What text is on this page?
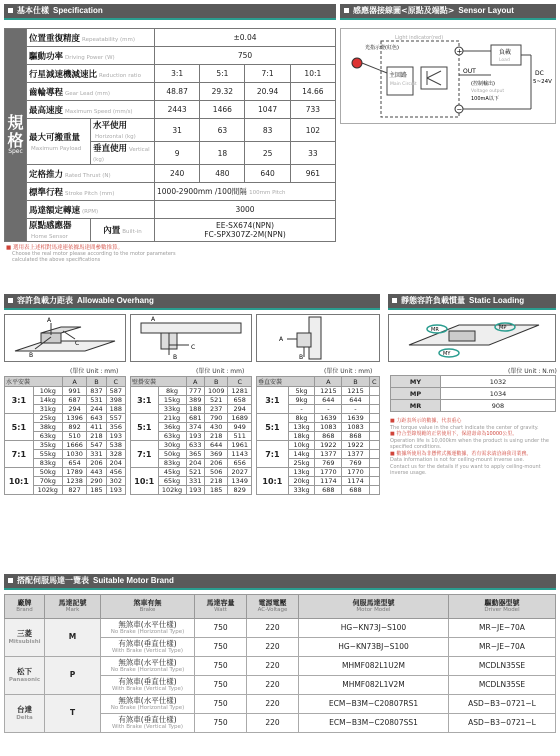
基本仕樣 Specification
規格
Spec	位置重復精度 Repeatability (mm)		±0.04			
	驅動功率 Driving Power (W)		750			
	行星減速機減速比 Reduction ratio		3:1	5:1	7:1	10:1
	齒輪導程 Gear Lead (mm)		48.87	29.32	20.94	14.66
	最高速度 Maximum Speed (mm/s)		2443	1466	1047	733
	最大可搬重量
Maximum Payload	水平使用Horizontal (kg)	31	63	83	102
		垂直使用 Vertical (kg)	9	18	25	33
	定格推力 Rated Thrust (N)		240	480	640	961
	標準行程 Stroke Pitch (mm)		1000-2900mm /100間隔 100mm Pitch			
	馬達額定轉速 (RPM)		3000			
	原點感應器Home Sensor	內置 Built-in	EE-SX674(NPN)
FC-SPX307Z-2M(NPN)			
■ 選用表上述相對馬達連依據馬達間參數推算。
Choose the real motor please according to the motor parameters
calculated the above specifications
感應器接線圖<原點及端點> Sensor Layout
主回路
Main Circuit
光指示燈(紅色)
Light indicator(red)
+
−
負載
Load
OUT
(控制輸出)
Voltage output
100mA以下
DC
5~24V
容許負載力距表 Allowable Overhang
A
B
C
A
B
C
A
B
(單位 Unit : mm)	(單位 Unit : mm)	(單位 Unit : mm)
水平安裝		A	B	C
3:1	10kg	991	837	587
	14kg	687	531	398
	31kg	294	244	188
5:1	25kg	1396	643	557
	38kg	892	411	356
	63kg	510	218	193
7:1	35kg	1666	547	538
	55kg	1030	331	328
	83kg	654	206	204
10:1	50kg	1789	443	456
	70kg	1238	290	302
	102kg	827	185	193
壁掛安裝		A	B	C
3:1	8kg	777	1009	1281
	15kg	389	521	658
	33kg	188	237	294
5:1	21kg	681	790	1689
	36kg	374	430	949
	63kg	193	218	511
7:1	30kg	633	644	1961
	50kg	365	369	1143
	83kg	204	206	656
10:1	45kg	521	506	2027
	65kg	331	218	1349
	102kg	193	185	829
垂直安裝		A	B	C
3:1	5kg	1215	1215	
	9kg	644	644	
	-	-	-	
5:1	8kg	1639	1639	
	13kg	1083	1083	
	18kg	868	868	
7:1	10kg	1922	1922	
	14kg	1377	1377	
	25kg	769	769	
10:1	13kg	1770	1770	
	20kg	1174	1174	
	33kg	688	688	
靜態容許負載慣量 Static Loading
MR	MP
MY
(單位 Unit : N.m)
MY	1032
MP	1034
MR	908
■ 力距表所示的數據，代表重心
The torque value in the chart indicate the center of gravity.
■ 符合型錄規範的正常使用下，保證壽命為10000公里。
Operation life is 10,000km when the product is using under the specified conditions.
■ 數據所使用為非懸臂式搬運數據，若有需求請洽詢我司業務。
Data information is not for ceiling-mount inverse use.
Contact us for the details if you want to apply ceiling-mount inverse usage.
搭配伺服馬達一覽表 Suitable Motor Brand
廠牌
Brand	馬達記號
Mark	煞車有無
Brake	馬達容量
Watt	電源電壓
AC-Voltage	伺服馬達型號
Motor Model	驅動器型號
Driver Model

三菱
Mitsubishi	M	無煞車(水平仕樣)
No Brake (Horizontal Type)	750	220	HG−KN73J−S100	MR−JE−70A

		有煞車(垂直仕樣)
With Brake (Vertical Type)	750	220	HG−KN73BJ−S100	MR−JE−70A
松下
Panasonic	P	無煞車(水平仕樣)
No Brake (Horizontal Type)	750	220	MHMF082L1U2M	MCDLN35SE

		有煞車(垂直仕樣)
With Brake (Vertical Type)	750	220	MHMF082L1V2M	MCDLN35SE
台達
Delta	T	無煞車(水平仕樣)
No Brake (Horizontal Type)	750	220	ECM−B3M−C20807RS1	ASD−B3−0721−L

		有煞車(垂直仕樣)
With Brake (Vertical Type)	750	220	ECM−B3M−C20807SS1	ASD−B3−0721−L
